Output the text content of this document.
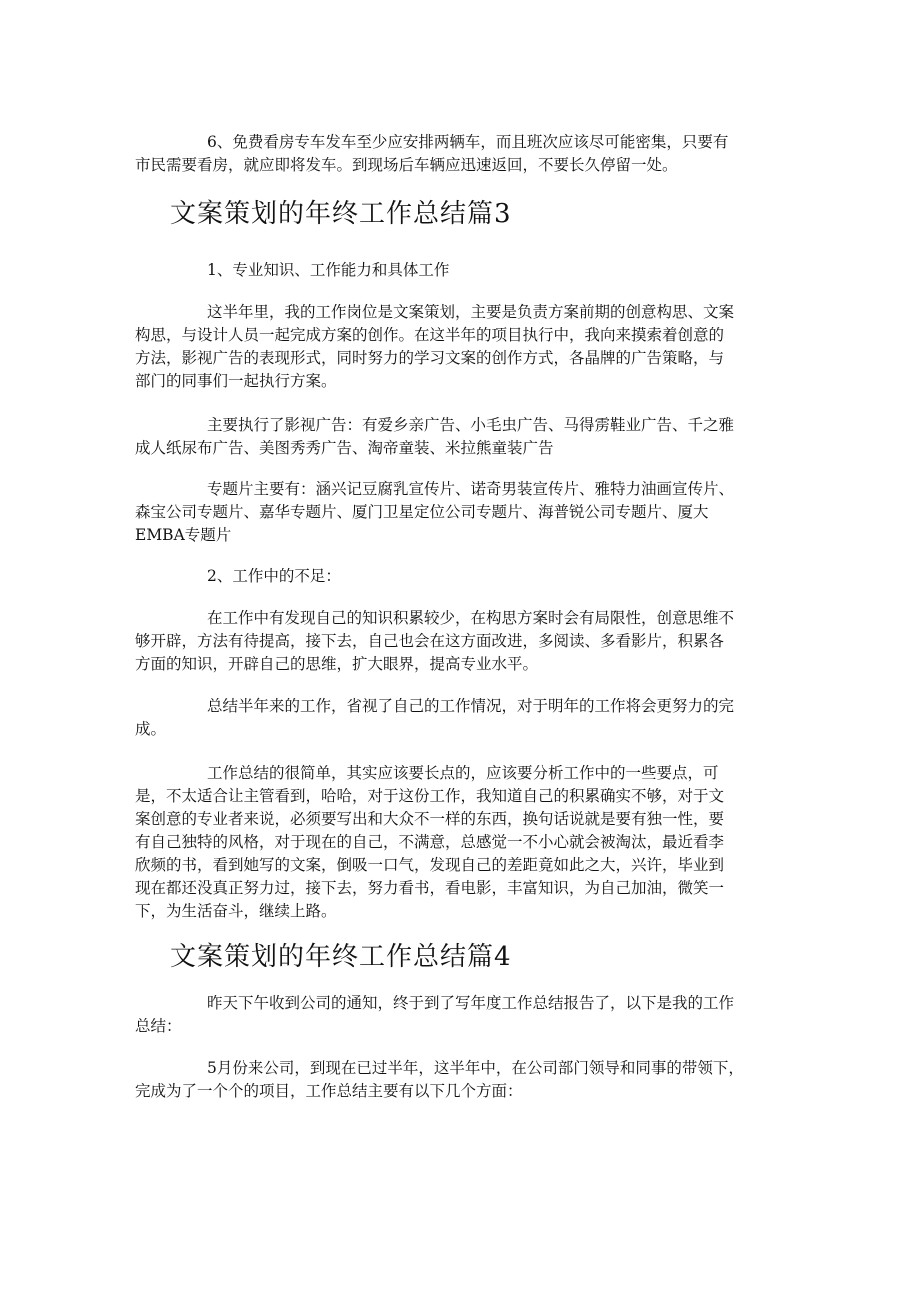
6、免费看房专车发车至少应安排两辆车，而且班次应该尽可能密集，只要有
市民需要看房，就应即将发车。到现场后车辆应迅速返回，不要长久停留一处。
文案策划的年终工作总结篇3
1、专业知识、工作能力和具体工作
这半年里，我的工作岗位是文案策划，主要是负责方案前期的创意构思、文案
构思，与设计人员一起完成方案的创作。在这半年的项目执行中，我向来摸索着创意的
方法，影视广告的表现形式，同时努力的学习文案的创作方式，各晶牌的广告策略，与
部门的同事们一起执行方案。
主要执行了影视广告：有爱乡亲广告、小毛虫广告、马得雳鞋业广告、千之雅
成人纸尿布广告、美图秀秀广告、淘帝童装、米拉熊童装广告
专题片主要有：涵兴记豆腐乳宣传片、诺奇男装宣传片、雅特力油画宣传片、
森宝公司专题片、嘉华专题片、厦门卫星定位公司专题片、海普锐公司专题片、厦大
EMBA专题片
2、工作中的不足：
在工作中有发现自己的知识积累较少，在构思方案时会有局限性，创意思维不
够开辟，方法有待提高，接下去，自己也会在这方面改进，多阅读、多看影片，积累各
方面的知识，开辟自己的思维，扩大眼界，提高专业水平。
总结半年来的工作，省视了自己的工作情况，对于明年的工作将会更努力的完
成。
工作总结的很简单，其实应该要长点的，应该要分析工作中的一些要点，可
是，不太适合让主管看到，哈哈，对于这份工作，我知道自己的积累确实不够，对于文
案创意的专业者来说，必须要写出和大众不一样的东西，换句话说就是要有独一性，要
有自己独特的风格，对于现在的自己，不满意，总感觉一不小心就会被淘汰，最近看李
欣频的书，看到她写的文案，倒吸一口气，发现自己的差距竟如此之大，兴许，毕业到
现在都还没真正努力过，接下去，努力看书，看电影，丰富知识，为自己加油，微笑一
下，为生活奋斗，继续上路。
文案策划的年终工作总结篇4
昨天下午收到公司的通知，终于到了写年度工作总结报告了，以下是我的工作
总结：
5月份来公司，到现在已过半年，这半年中，在公司部门领导和同事的带领下，
完成为了一个个的项目，工作总结主要有以下几个方面：
